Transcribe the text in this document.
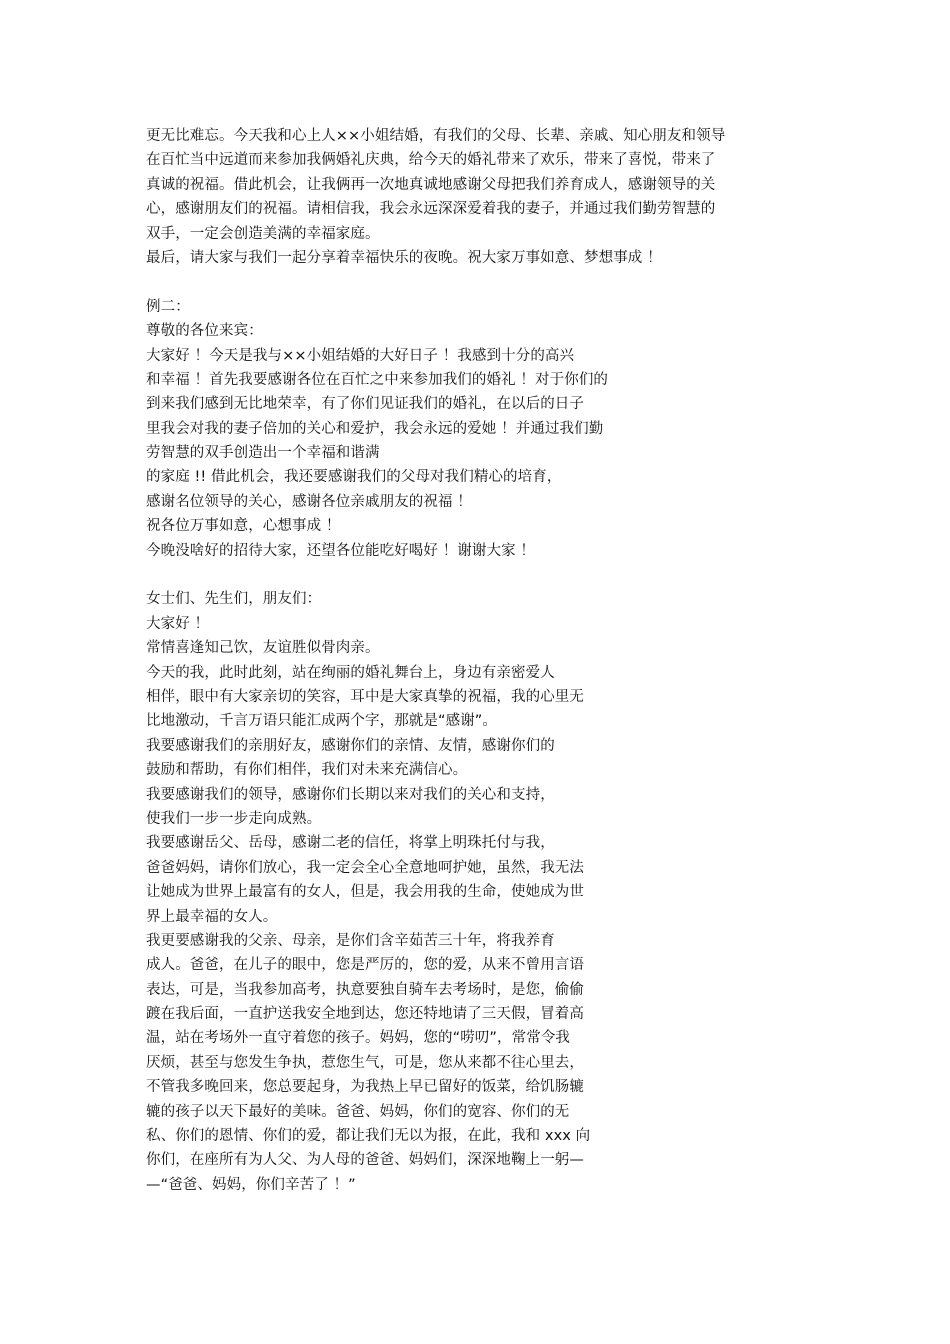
更无比难忘。今天我和心上人××小姐结婚，有我们的父母、长辈、亲戚、知心朋友和领导
在百忙当中远道而来参加我俩婚礼庆典，给今天的婚礼带来了欢乐，带来了喜悦，带来了
真诚的祝福。借此机会，让我俩再一次地真诚地感谢父母把我们养育成人，感谢领导的关
心，感谢朋友们的祝福。请相信我，我会永远深深爱着我的妻子，并通过我们勤劳智慧的
双手，一定会创造美满的幸福家庭。
最后，请大家与我们一起分享着幸福快乐的夜晚。祝大家万事如意、梦想事成 ！
例二：
尊敬的各位来宾：
大家好 ！今天是我与××小姐结婚的大好日子 ！我感到十分的高兴
和幸福 ！首先我要感谢各位在百忙之中来参加我们的婚礼 ！对于你们的
到来我们感到无比地荣幸，有了你们见证我们的婚礼，在以后的日子
里我会对我的妻子倍加的关心和爱护，我会永远的爱她 ！并通过我们勤
劳智慧的双手创造出一个幸福和谐满
的家庭 !! 借此机会，我还要感谢我们的父母对我们精心的培育，
感谢名位领导的关心，感谢各位亲戚朋友的祝福 ！
祝各位万事如意，心想事成 ！
今晚没啥好的招待大家，还望各位能吃好喝好 ！谢谢大家 ！
女士们、先生们，朋友们：
大家好 ！
常情喜逢知己饮，友谊胜似骨肉亲。
今天的我，此时此刻，站在绚丽的婚礼舞台上，身边有亲密爱人
相伴，眼中有大家亲切的笑容，耳中是大家真挚的祝福，我的心里无
比地激动，千言万语只能汇成两个字，那就是“感谢”。
我要感谢我们的亲朋好友，感谢你们的亲情、友情，感谢你们的
鼓励和帮助，有你们相伴，我们对未来充满信心。
我要感谢我们的领导，感谢你们长期以来对我们的关心和支持，
使我们一步一步走向成熟。
我要感谢岳父、岳母，感谢二老的信任，将掌上明珠托付与我，
爸爸妈妈，请你们放心，我一定会全心全意地呵护她，虽然，我无法
让她成为世界上最富有的女人，但是，我会用我的生命，使她成为世
界上最幸福的女人。
我更要感谢我的父亲、母亲，是你们含辛茹苦三十年，将我养育
成人。爸爸，在儿子的眼中，您是严厉的，您的爱，从来不曾用言语
表达，可是，当我参加高考，执意要独自骑车去考场时，是您，偷偷
踱在我后面，一直护送我安全地到达，您还特地请了三天假，冒着高
温，站在考场外一直守着您的孩子。妈妈，您的“唠叨”，常常令我
厌烦，甚至与您发生争执，惹您生气，可是，您从来都不往心里去，
不管我多晚回来，您总要起身，为我热上早已留好的饭菜，给饥肠辘
辘的孩子以天下最好的美味。爸爸、妈妈，你们的宽容、你们的无
私、你们的恩情、你们的爱，都让我们无以为报，在此，我和 xxx 向
你们，在座所有为人父、为人母的爸爸、妈妈们，深深地鞠上一躬—
—“爸爸、妈妈，你们辛苦了 ！”
